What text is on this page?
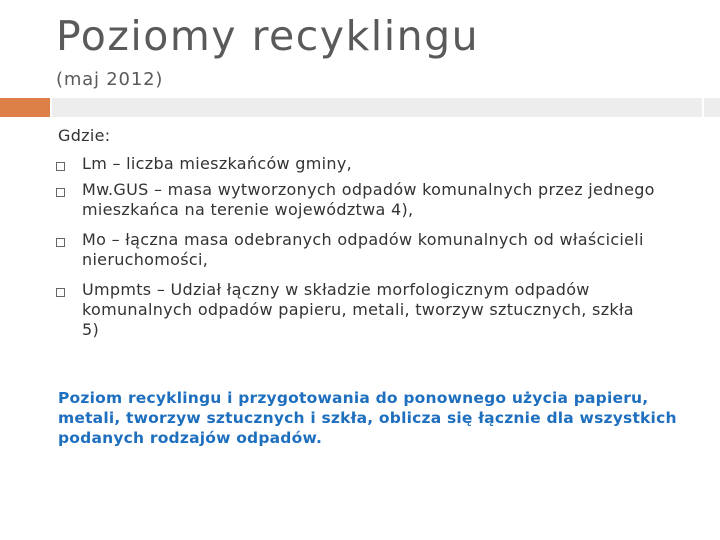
Poziomy recyklingu
(maj 2012)
Gdzie:
Lm – liczba mieszkańców gminy,
Mw.GUS – masa wytworzonych odpadów komunalnych przez jednego
mieszkańca na terenie województwa 4),
Mo – łączna masa odebranych odpadów komunalnych od właścicieli
nieruchomości,
Umpmts – Udział łączny w składzie morfologicznym odpadów
komunalnych odpadów papieru, metali, tworzyw sztucznych, szkła
5)
Poziom recyklingu i przygotowania do ponownego użycia papieru,
metali, tworzyw sztucznych i szkła, oblicza się łącznie dla wszystkich
podanych rodzajów odpadów.
